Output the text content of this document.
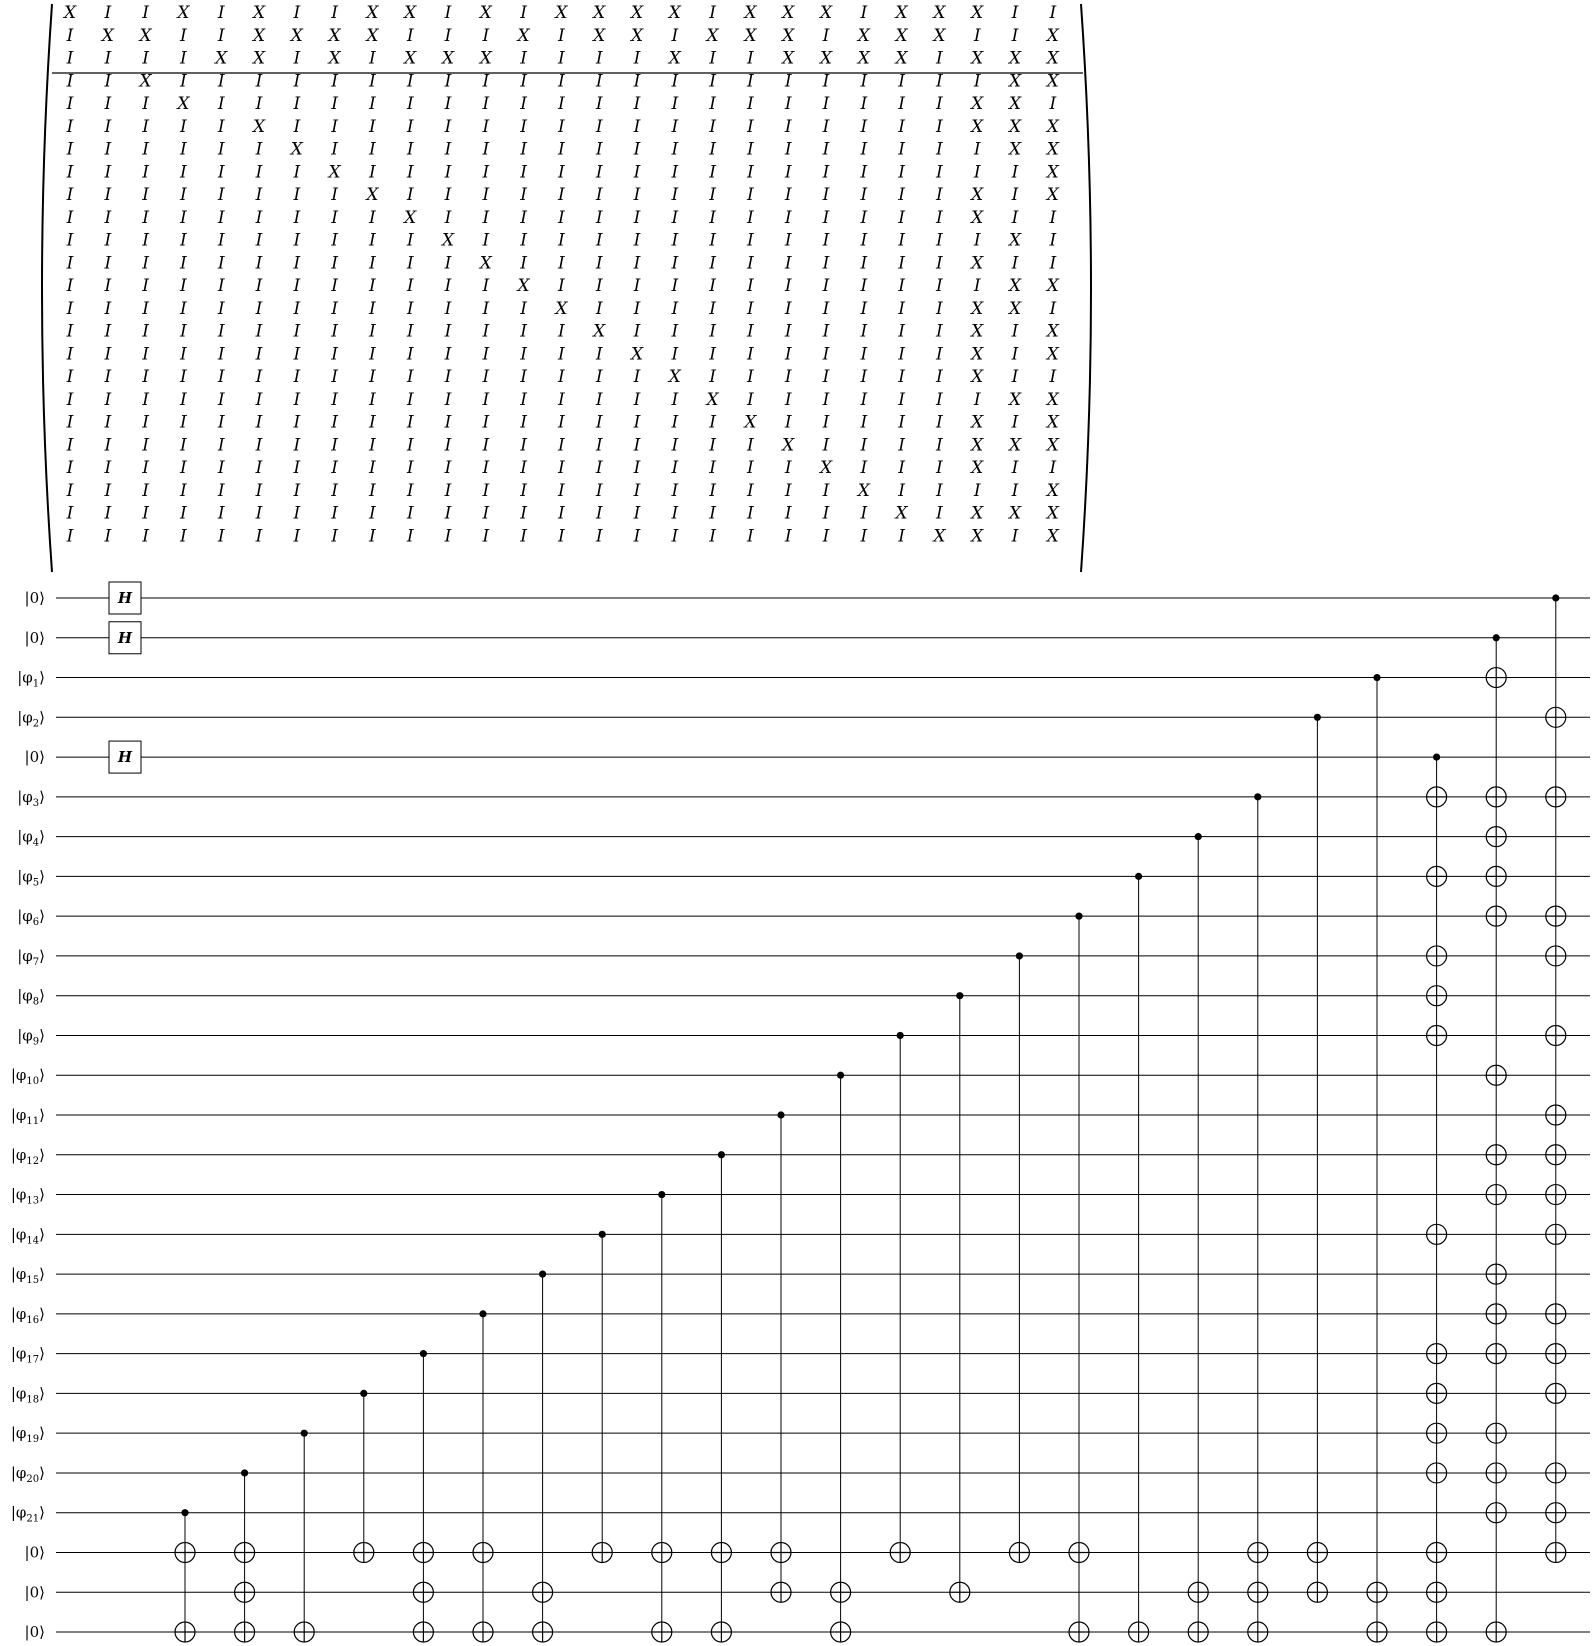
X I I X I X I I X X I X I X X X X I X X X I X X X I I
I X X I I X X X X I I I X I X X I X X X I X X X I I X
I I I I X X I X I X X X I I I I X I I X X X X I X X X
I I X I I I I I I I I I I I I I I I I I I I I I I X X
I I I X I I I I I I I I I I I I I I I I I I I I X X I
I I I I I X I I I I I I I I I I I I I I I I I I X X X
I I I I I I X I I I I I I I I I I I I I I I I I I X X
I I I I I I I X I I I I I I I I I I I I I I I I I I X
I I I I I I I I X I I I I I I I I I I I I I I I X I X
I I I I I I I I I X I I I I I I I I I I I I I I X I I
I I I I I I I I I I X I I I I I I I I I I I I I I X I
I I I I I I I I I I I X I I I I I I I I I I I I X I I
I I I I I I I I I I I I X I I I I I I I I I I I I X X
I I I I I I I I I I I I I X I I I I I I I I I I X X I
I I I I I I I I I I I I I I X I I I I I I I I I X I X
I I I I I I I I I I I I I I I X I I I I I I I I X I X
I I I I I I I I I I I I I I I I X I I I I I I I X I I
I I I I I I I I I I I I I I I I I X I I I I I I I X X
I I I I I I I I I I I I I I I I I I X I I I I I X I X
I I I I I I I I I I I I I I I I I I I X I I I I X X X
I I I I I I I I I I I I I I I I I I I I X I I I X I I
I I I I I I I I I I I I I I I I I I I I I X I I I I X
I I I I I I I I I I I I I I I I I I I I I I X I X X X
I I I I I I I I I I I I I I I I I I I I I I I X X I X
|0⟩
|0⟩
$|\varphi_1⟩$
$|\varphi_2⟩$
|0⟩
$|\varphi_3⟩$
$|\varphi_4⟩$
$|\varphi_5⟩$
$|\varphi_6⟩$
$|\varphi_7⟩$
$|\varphi_8⟩$
$|\varphi_9⟩$
$|\varphi_{10}⟩$
$|\varphi_{11}⟩$
$|\varphi_{12}⟩$
$|\varphi_{13}⟩$
$|\varphi_{14}⟩$
$|\varphi_{15}⟩$
$|\varphi_{16}⟩$
$|\varphi_{17}⟩$
$|\varphi_{18}⟩$
$|\varphi_{19}⟩$
$|\varphi_{20}⟩$
$|\varphi_{21}⟩$
|0⟩
|0⟩
|0⟩
H
H
H
